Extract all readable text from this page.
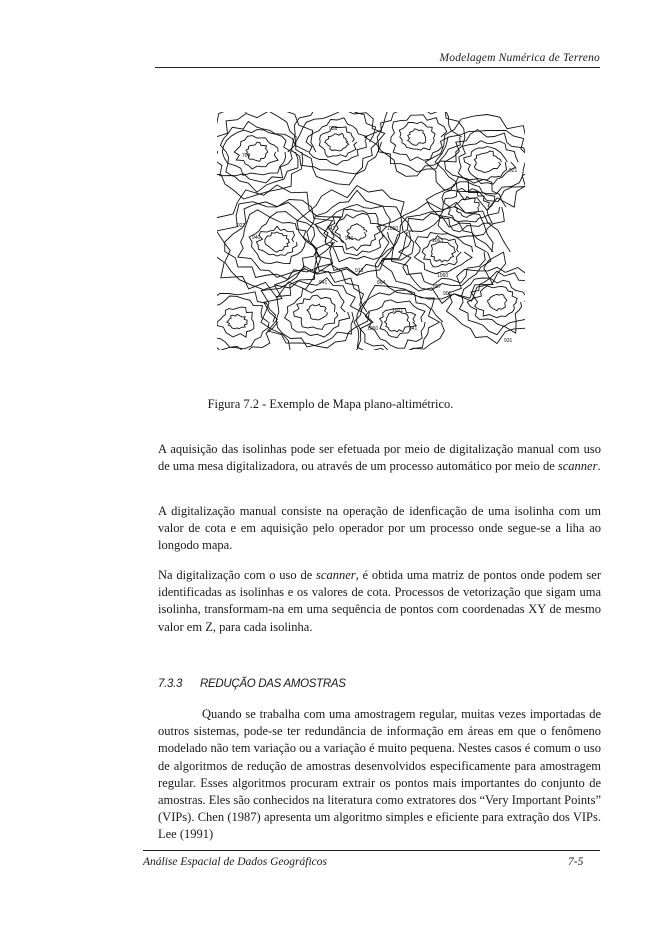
Modelagem Numérica de Terreno
700
938
921
922
940
942
940
1050
1063
1060
864
941
913
887
901
1071
1060	841
931
Figura 7.2 - Exemplo de Mapa plano-altimétrico.
A aquisição das isolinhas pode ser efetuada por meio de digitalização manual com uso de uma mesa digitalizadora, ou através de um processo automático por meio de scanner.
A digitalização manual consiste na operação de idenficação de uma isolinha com um valor de cota e em aquisição pelo operador por um processo onde segue-se a liha ao longodo mapa.
Na digitalização com o uso de scanner, é obtida uma matriz de pontos onde podem ser identificadas as isolinhas e os valores de cota. Processos de vetorização que sigam uma isolinha, transformam-na em uma sequência de pontos com coordenadas XY de mesmo valor em Z, para cada isolinha.
7.3.3 REDUÇÃO DAS AMOSTRAS
Quando se trabalha com uma amostragem regular, muitas vezes importadas de outros sistemas, pode-se ter redundância de informação em áreas em que o fenômeno modelado não tem variação ou a variação é muito pequena. Nestes casos é comum o uso de algoritmos de redução de amostras desenvolvidos especificamente para amostragem regular. Esses algoritmos procuram extrair os pontos mais importantes do conjunto de amostras. Eles são conhecidos na literatura como extratores dos “Very Important Points” (VIPs). Chen (1987) apresenta um algoritmo simples e eficiente para extração dos VIPs. Lee (1991)
Análise Espacial de Dados Geográficos	7-5
